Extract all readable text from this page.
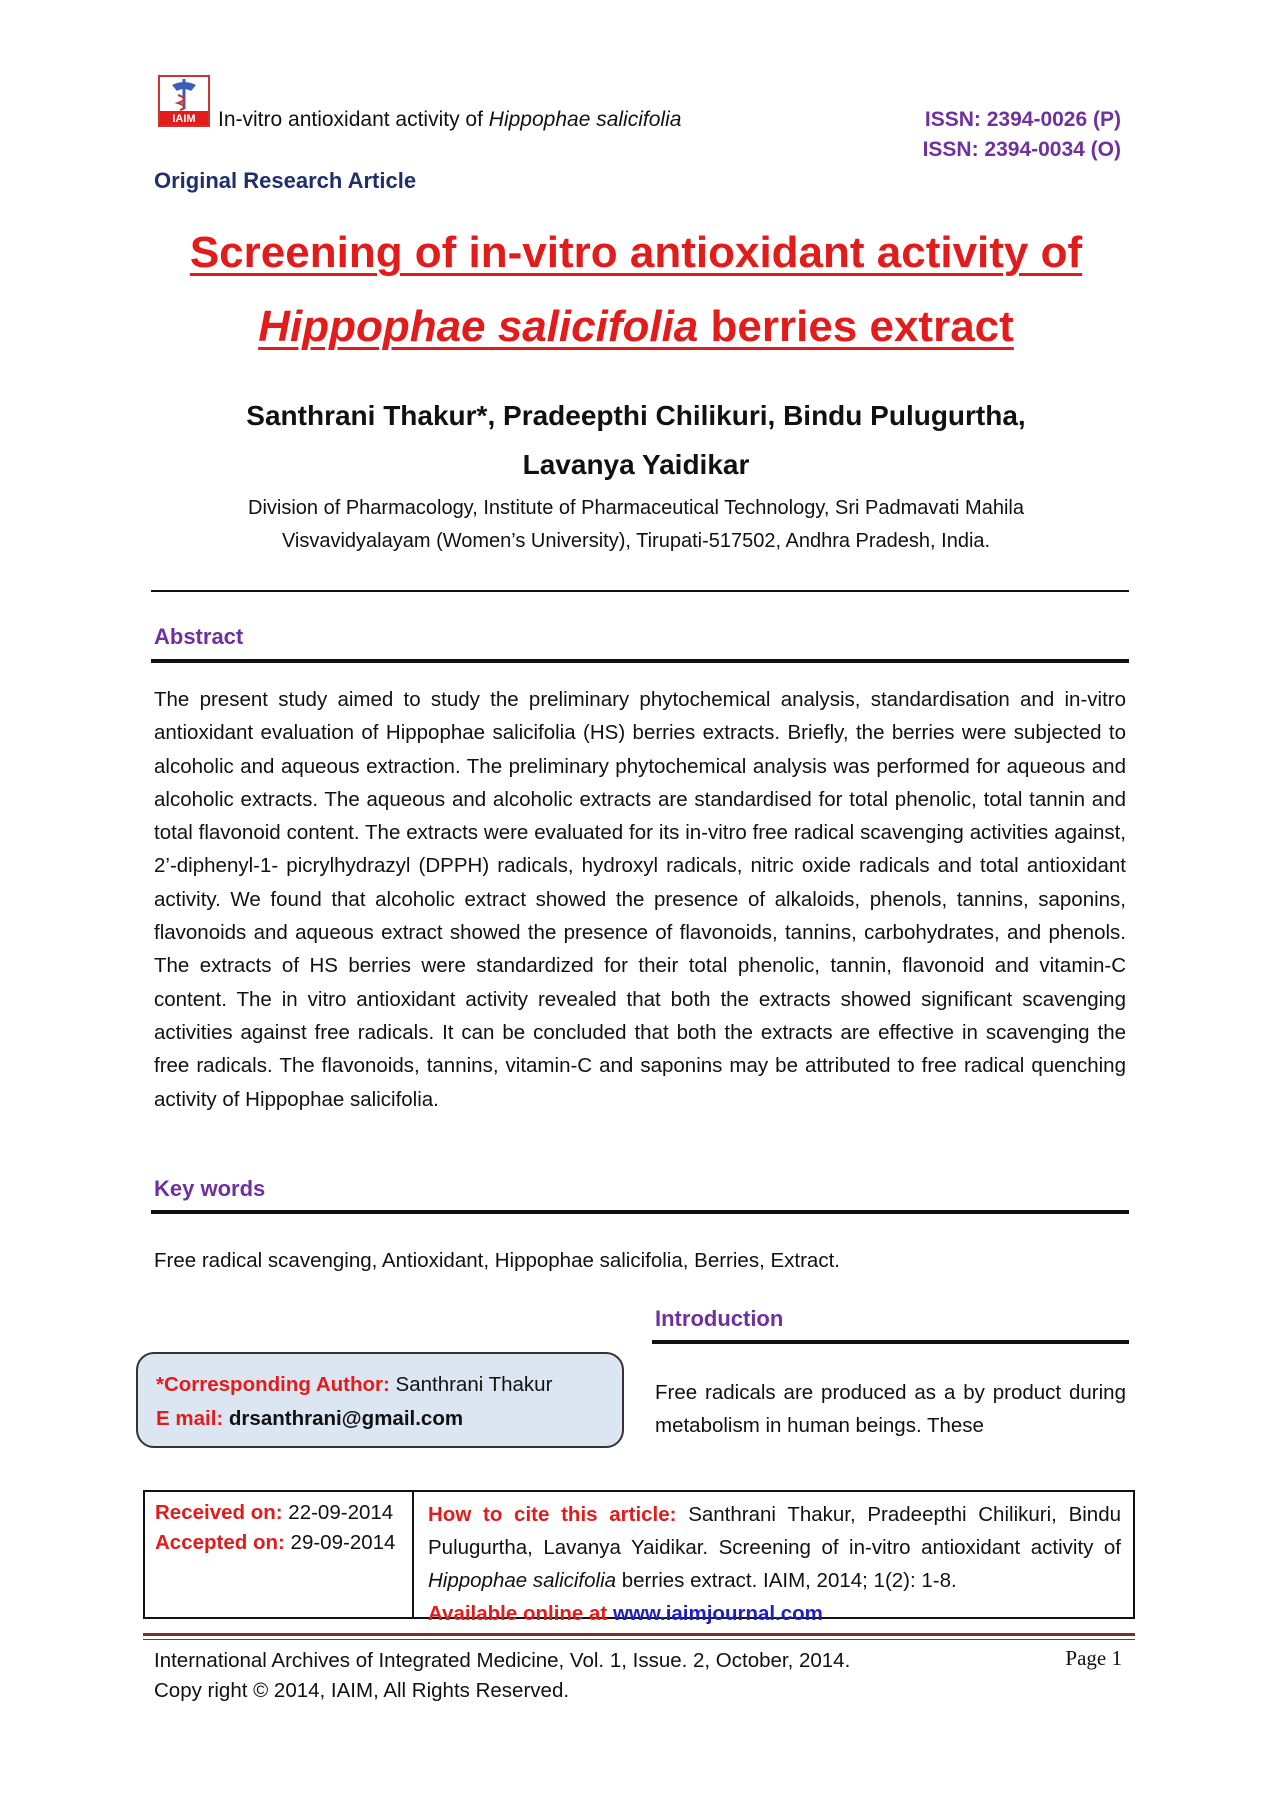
IAIM In-vitro antioxidant activity of Hippophae salicifolia	ISSN: 2394-0026 (P)
ISSN: 2394-0034 (O)
Original Research Article
Screening of in-vitro antioxidant activity of
Hippophae salicifolia berries extract
Santhrani Thakur*, Pradeepthi Chilikuri, Bindu Pulugurtha,
Lavanya Yaidikar
Division of Pharmacology, Institute of Pharmaceutical Technology, Sri Padmavati Mahila
Visvavidyalayam (Women’s University), Tirupati-517502, Andhra Pradesh, India.
Abstract
The present study aimed to study the preliminary phytochemical analysis, standardisation and in-vitro antioxidant evaluation of Hippophae salicifolia (HS) berries extracts. Briefly, the berries were subjected to alcoholic and aqueous extraction. The preliminary phytochemical analysis was performed for aqueous and alcoholic extracts. The aqueous and alcoholic extracts are standardised for total phenolic, total tannin and total flavonoid content. The extracts were evaluated for its in-vitro free radical scavenging activities against, 2’-diphenyl-1- picrylhydrazyl (DPPH) radicals, hydroxyl radicals, nitric oxide radicals and total antioxidant activity. We found that alcoholic extract showed the presence of alkaloids, phenols, tannins, saponins, flavonoids and aqueous extract showed the presence of flavonoids, tannins, carbohydrates, and phenols. The extracts of HS berries were standardized for their total phenolic, tannin, flavonoid and vitamin-C content. The in vitro antioxidant activity revealed that both the extracts showed significant scavenging activities against free radicals. It can be concluded that both the extracts are effective in scavenging the free radicals. The flavonoids, tannins, vitamin-C and saponins may be attributed to free radical quenching activity of Hippophae salicifolia.
Key words
Free radical scavenging, Antioxidant, Hippophae salicifolia, Berries, Extract.
Introduction
*Corresponding Author: Santhrani Thakur
E mail: drsanthrani@gmail.com
Free radicals are produced as a by product during metabolism in human beings. These
Received on: 22-09-2014
Accepted on: 29-09-2014
How to cite this article: Santhrani Thakur, Pradeepthi Chilikuri, Bindu Pulugurtha, Lavanya Yaidikar. Screening of in-vitro antioxidant activity of Hippophae salicifolia berries extract. IAIM, 2014; 1(2): 1-8.
Available online at www.iaimjournal.com
International Archives of Integrated Medicine, Vol. 1, Issue. 2, October, 2014.
Copy right © 2014, IAIM, All Rights Reserved.
Page 1
